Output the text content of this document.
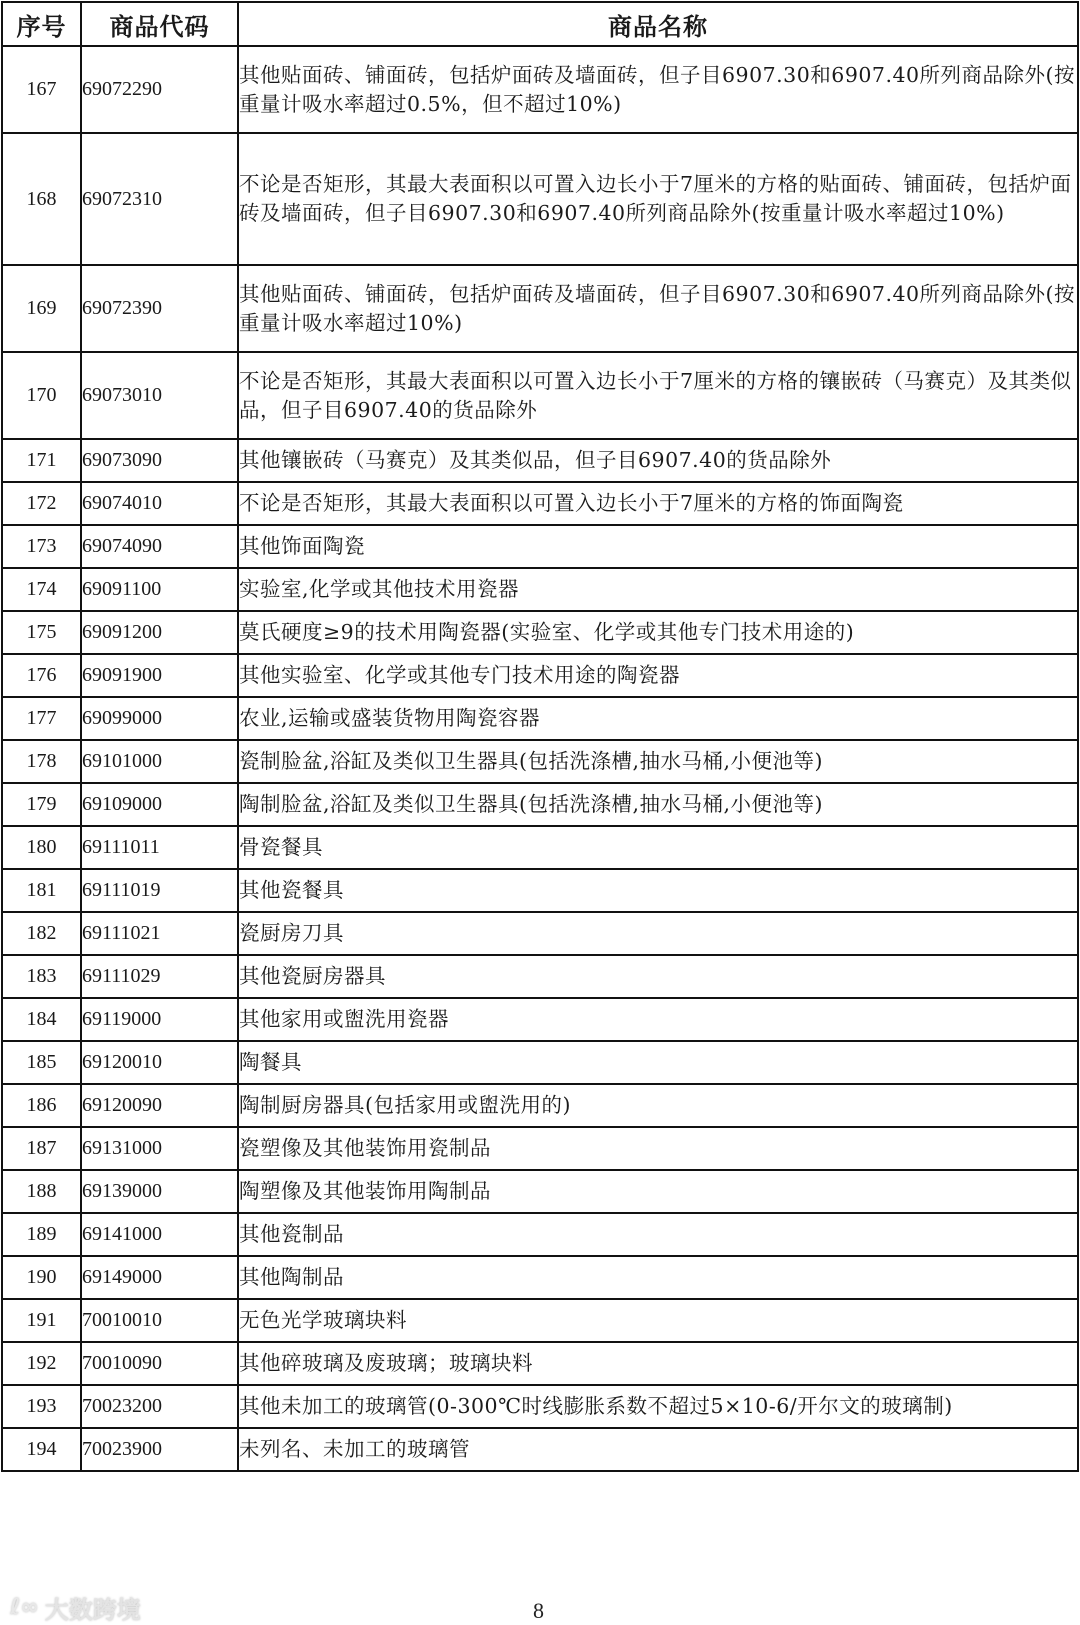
序号	商品代码	商品名称
167	69072290	其他贴面砖、铺面砖，包括炉面砖及墙面砖，但子目6907.30和6907.40所列商品除外(按重量计吸水率超过0.5%，但不超过10%)
168	69072310	不论是否矩形，其最大表面积以可置入边长小于7厘米的方格的贴面砖、铺面砖，包括炉面砖及墙面砖，但子目6907.30和6907.40所列商品除外(按重量计吸水率超过10%)
169	69072390	其他贴面砖、铺面砖，包括炉面砖及墙面砖，但子目6907.30和6907.40所列商品除外(按重量计吸水率超过10%)
170	69073010	不论是否矩形，其最大表面积以可置入边长小于7厘米的方格的镶嵌砖（马赛克）及其类似品，但子目6907.40的货品除外
171	69073090	其他镶嵌砖（马赛克）及其类似品，但子目6907.40的货品除外
172	69074010	不论是否矩形，其最大表面积以可置入边长小于7厘米的方格的饰面陶瓷
173	69074090	其他饰面陶瓷
174	69091100	实验室,化学或其他技术用瓷器
175	69091200	莫氏硬度≥9的技术用陶瓷器(实验室、化学或其他专门技术用途的)
176	69091900	其他实验室、化学或其他专门技术用途的陶瓷器
177	69099000	农业,运输或盛装货物用陶瓷容器
178	69101000	瓷制脸盆,浴缸及类似卫生器具(包括洗涤槽,抽水马桶,小便池等)
179	69109000	陶制脸盆,浴缸及类似卫生器具(包括洗涤槽,抽水马桶,小便池等)
180	69111011	骨瓷餐具
181	69111019	其他瓷餐具
182	69111021	瓷厨房刀具
183	69111029	其他瓷厨房器具
184	69119000	其他家用或盥洗用瓷器
185	69120010	陶餐具
186	69120090	陶制厨房器具(包括家用或盥洗用的)
187	69131000	瓷塑像及其他装饰用瓷制品
188	69139000	陶塑像及其他装饰用陶制品
189	69141000	其他瓷制品
190	69149000	其他陶制品
191	70010010	无色光学玻璃块料
192	70010090	其他碎玻璃及废玻璃；玻璃块料
193	70023200	其他未加工的玻璃管(0-300℃时线膨胀系数不超过5×10-6/开尔文的玻璃制)
194	70023900	未列名、未加工的玻璃管
ℓ∞ 大数跨境	8
